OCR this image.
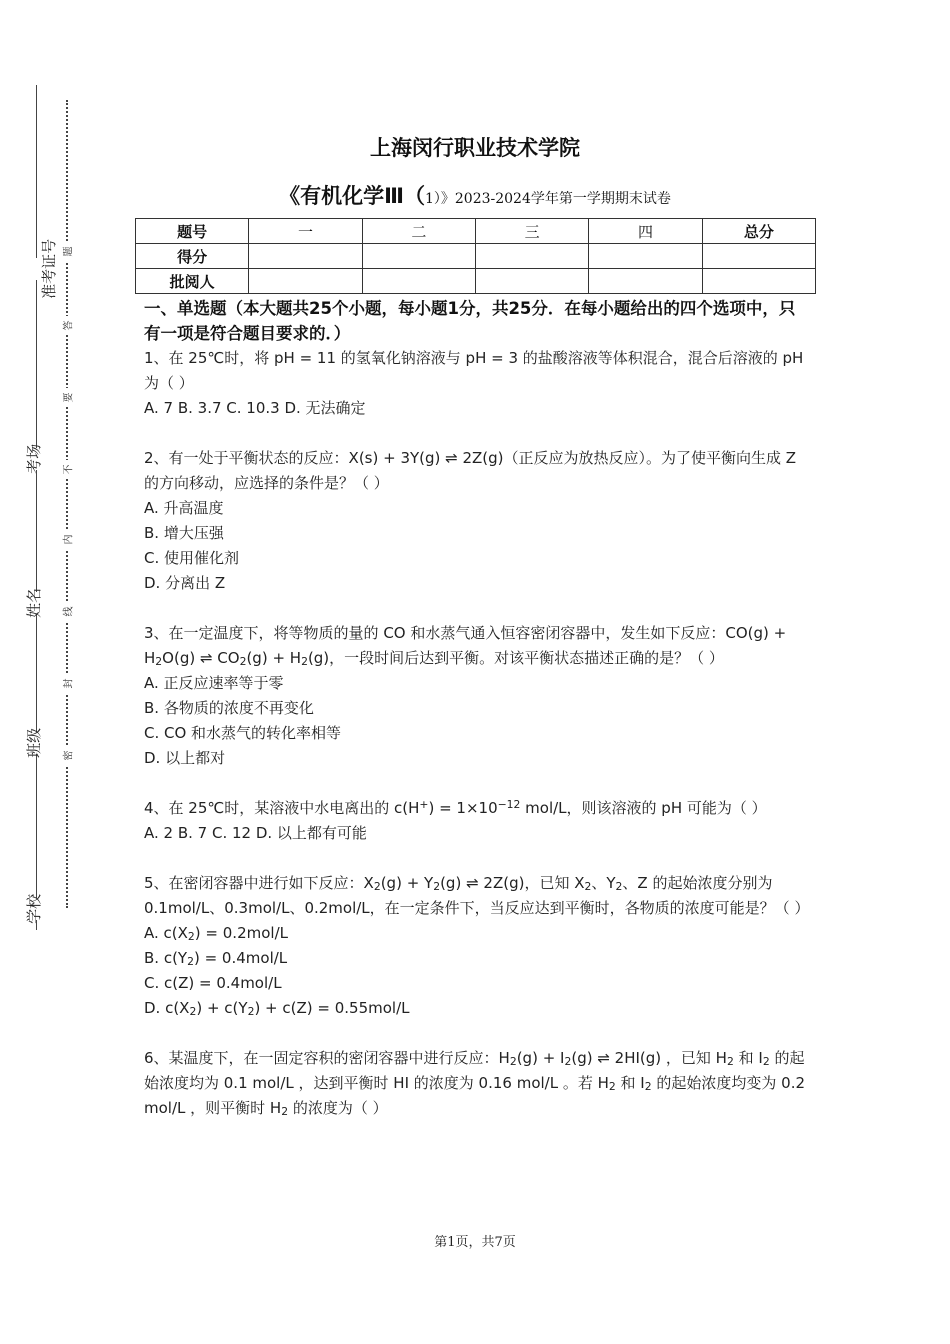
准考证号
考场
姓名
班级
学校
题
答
要
不
内
线
封
密
上海闵行职业技术学院
《有机化学Ⅲ（1）》2023-2024学年第一学期期末试卷
题号	一	二	三	四	总分
得分					
批阅人					

一、单选题（本大题共25个小题，每小题1分，共25分．在每小题给出的四个选项中，只有一项是符合题目要求的．）

1、在 25℃时，将 pH = 11 的氢氧化钠溶液与 pH = 3 的盐酸溶液等体积混合，混合后溶液的 pH 为（ ）

A. 7 B. 3.7 C. 10.3 D. 无法确定

2、有一处于平衡状态的反应：X(s) + 3Y(g) ⇌ 2Z(g)（正反应为放热反应）。为了使平衡向生成 Z 的方向移动，应选择的条件是？（ ）

A. 升高温度

B. 增大压强

C. 使用催化剂

D. 分离出 Z

3、在一定温度下，将等物质的量的 CO 和水蒸气通入恒容密闭容器中，发生如下反应：$CO(g) + H_2O(g)$ ⇌ $CO_2(g) + H_2(g)$，一段时间后达到平衡。对该平衡状态描述正确的是？（ ）

A. 正反应速率等于零

B. 各物质的浓度不再变化

C. CO 和水蒸气的转化率相等

D. 以上都对

4、在 25℃时，某溶液中水电离出的 $c(H^+) = 1\times 10^{-12}$ mol/L，则该溶液的 pH 可能为（ ）

A. 2 B. 7 C. 12 D. 以上都有可能

5、在密闭容器中进行如下反应：$X_2(g) + Y_2(g)$ ⇌ 2Z(g)，已知 $X_2$、$Y_2$、Z 的起始浓度分别为 0.1mol/L、0.3mol/L、0.2mol/L，在一定条件下，当反应达到平衡时，各物质的浓度可能是？（ ）

A. $c(X_2) = 0.2mol/L$

B. $c(Y_2) = 0.4mol/L$

C. c(Z) = 0.4mol/L

D. $c(X_2) + c(Y_2) + c(Z) = 0.55mol/L$

6、某温度下，在一固定容积的密闭容器中进行反应：$H_2(g) + I_2(g)$ ⇌ 2HI(g) ，已知 $H_2$ 和 $I_2$ 的起始浓度均为 0.1 mol/L ，达到平衡时 HI 的浓度为 0.16 mol/L 。若 $H_2$ 和 $I_2$ 的起始浓度均变为 0.2 mol/L ，则平衡时 $H_2$ 的浓度为（ ）

第1页，共7页
